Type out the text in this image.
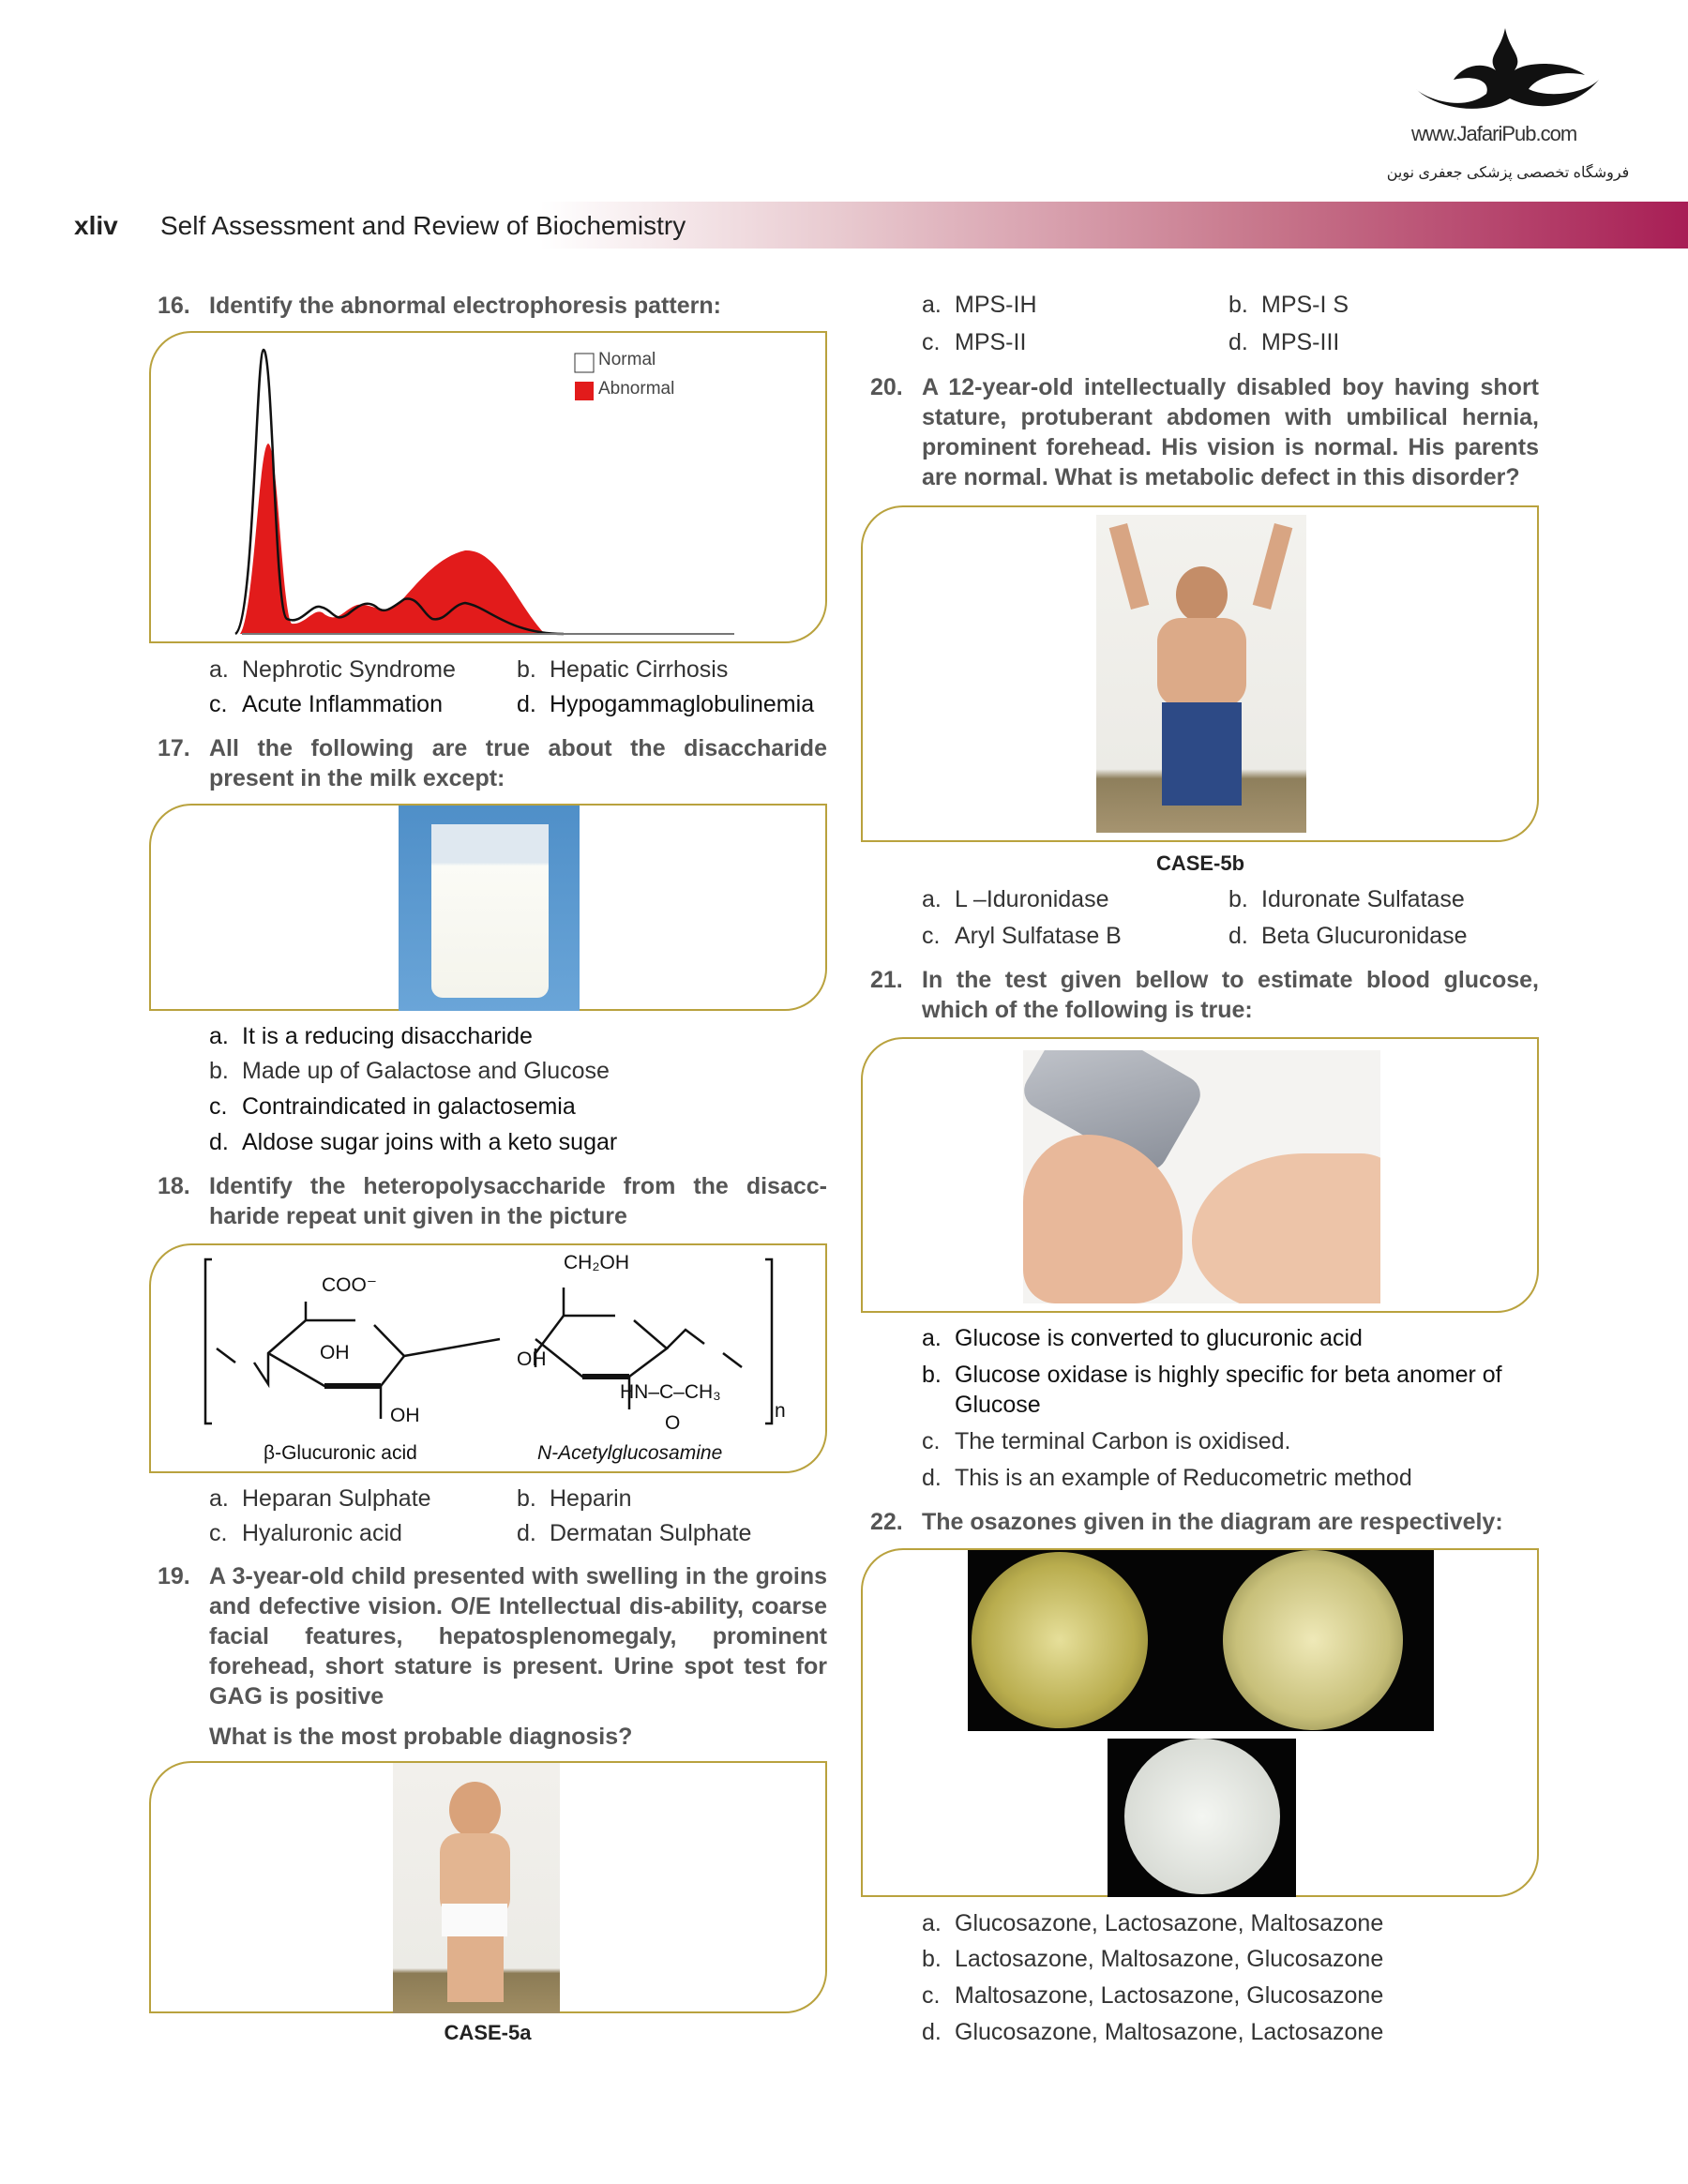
www.JafariPub.com
فروشگاه تخصصی پزشکی جعفری نوین
xliv Self Assessment and Review of Biochemistry
16. Identify the abnormal electrophoresis pattern:
Normal
Abnormal
a. Nephrotic Syndrome	b. Hepatic Cirrhosis
c. Acute Inflammation	d. Hypogammaglobulinemia
17. All the following are true about the disaccharide present in the milk except:
a. It is a reducing disaccharide
b. Made up of Galactose and Glucose
c. Contraindicated in galactosemia
d. Aldose sugar joins with a keto sugar
18. Identify the heteropolysaccharide from the disacc-haride repeat unit given in the picture
COO⁻
CH₂OH
OH
OH
OH
HN–C–CH₃
O
n
β-Glucuronic acid	N-Acetylglucosamine
a. Heparan Sulphate	b. Heparin
c. Hyaluronic acid	d. Dermatan Sulphate
19. A 3-year-old child presented with swelling in the groins and defective vision. O/E Intellectual dis-ability, coarse facial features, hepatosplenomegaly, prominent forehead, short stature is present. Urine spot test for GAG is positive
What is the most probable diagnosis?
CASE-5a
a. MPS-IH	b. MPS-I S
c. MPS-II	d. MPS-III
20. A 12-year-old intellectually disabled boy having short stature, protuberant abdomen with umbilical hernia, prominent forehead. His vision is normal. His parents are normal. What is metabolic defect in this disorder?
CASE-5b
a. L –Iduronidase	b. Iduronate Sulfatase
c. Aryl Sulfatase B	d. Beta Glucuronidase
21. In the test given bellow to estimate blood glucose, which of the following is true:
a. Glucose is converted to glucuronic acid
b. Glucose oxidase is highly specific for beta anomer of Glucose
c. The terminal Carbon is oxidised.
d. This is an example of Reducometric method
22. The osazones given in the diagram are respectively:
a. Glucosazone, Lactosazone, Maltosazone
b. Lactosazone, Maltosazone, Glucosazone
c. Maltosazone, Lactosazone, Glucosazone
d. Glucosazone, Maltosazone, Lactosazone
